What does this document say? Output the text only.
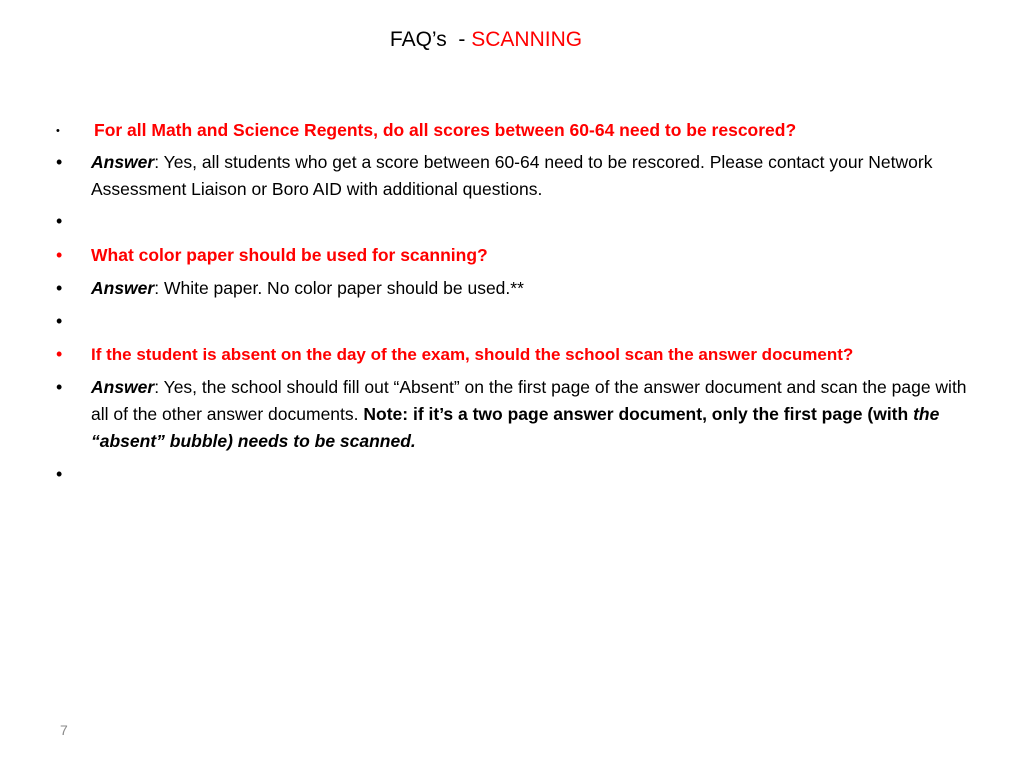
FAQ’s  - SCANNING
• For all Math and Science Regents, do all scores between 60-64 need to be rescored?
• Answer: Yes, all students who get a score between 60-64 need to be rescored. Please contact your Network Assessment Liaison or Boro AID with additional questions.
•
• What color paper should be used for scanning?
• Answer: White paper. No color paper should be used.**
•
• If the student is absent on the day of the exam, should the school scan the answer document?
• Answer: Yes, the school should fill out “Absent” on the first page of the answer document and scan the page with all of the other answer documents. Note: if it’s a two page answer document, only the first page (with the “absent” bubble) needs to be scanned.
•
7
